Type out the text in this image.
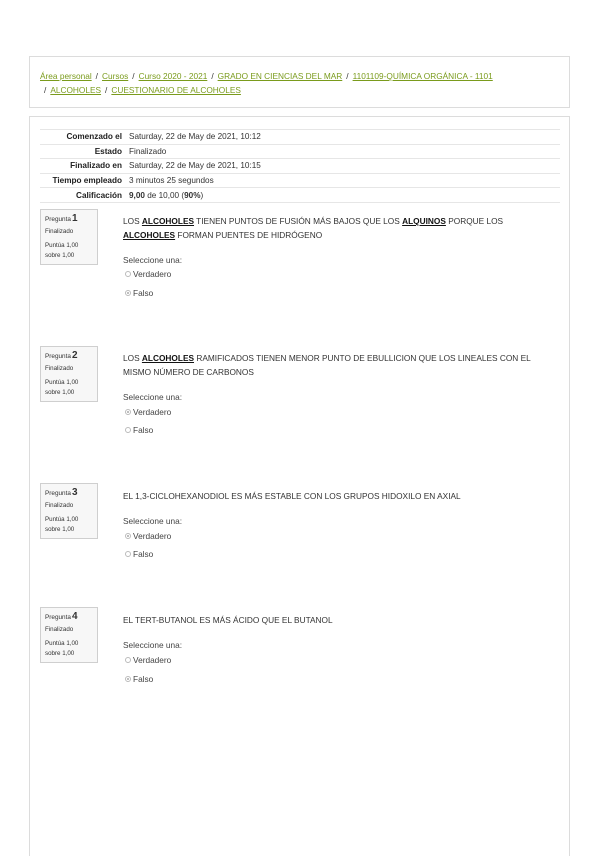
Área personal / Cursos / Curso 2020 - 2021 / GRADO EN CIENCIAS DEL MAR / 1101109-QUÍMICA ORGÁNICA - 1101
/ ALCOHOLES / CUESTIONARIO DE ALCOHOLES
Comenzado el	Saturday, 22 de May de 2021, 10:12
Estado	Finalizado
Finalizado en	Saturday, 22 de May de 2021, 10:15
Tiempo empleado	3 minutos 25 segundos
Calificación	9,00 de 10,00 (90%)
Pregunta1
Finalizado
Puntúa 1,00
sobre 1,00
LOS ALCOHOLES TIENEN PUNTOS DE FUSIÓN MÁS BAJOS QUE LOS ALQUINOS PORQUE LOS ALCOHOLES FORMAN PUENTES DE HIDRÓGENO
Seleccione una:
Verdadero
Falso
Pregunta2
Finalizado
Puntúa 1,00
sobre 1,00
LOS ALCOHOLES RAMIFICADOS TIENEN MENOR PUNTO DE EBULLICION QUE LOS LINEALES CON EL MISMO NÚMERO DE CARBONOS
Seleccione una:
Verdadero
Falso
Pregunta3
Finalizado
Puntúa 1,00
sobre 1,00
EL 1,3-CICLOHEXANODIOL ES MÁS ESTABLE CON LOS GRUPOS HIDOXILO EN AXIAL
Seleccione una:
Verdadero
Falso
Pregunta4
Finalizado
Puntúa 1,00
sobre 1,00
EL TERT-BUTANOL ES MÁS ÁCIDO QUE EL BUTANOL
Seleccione una:
Verdadero
Falso
